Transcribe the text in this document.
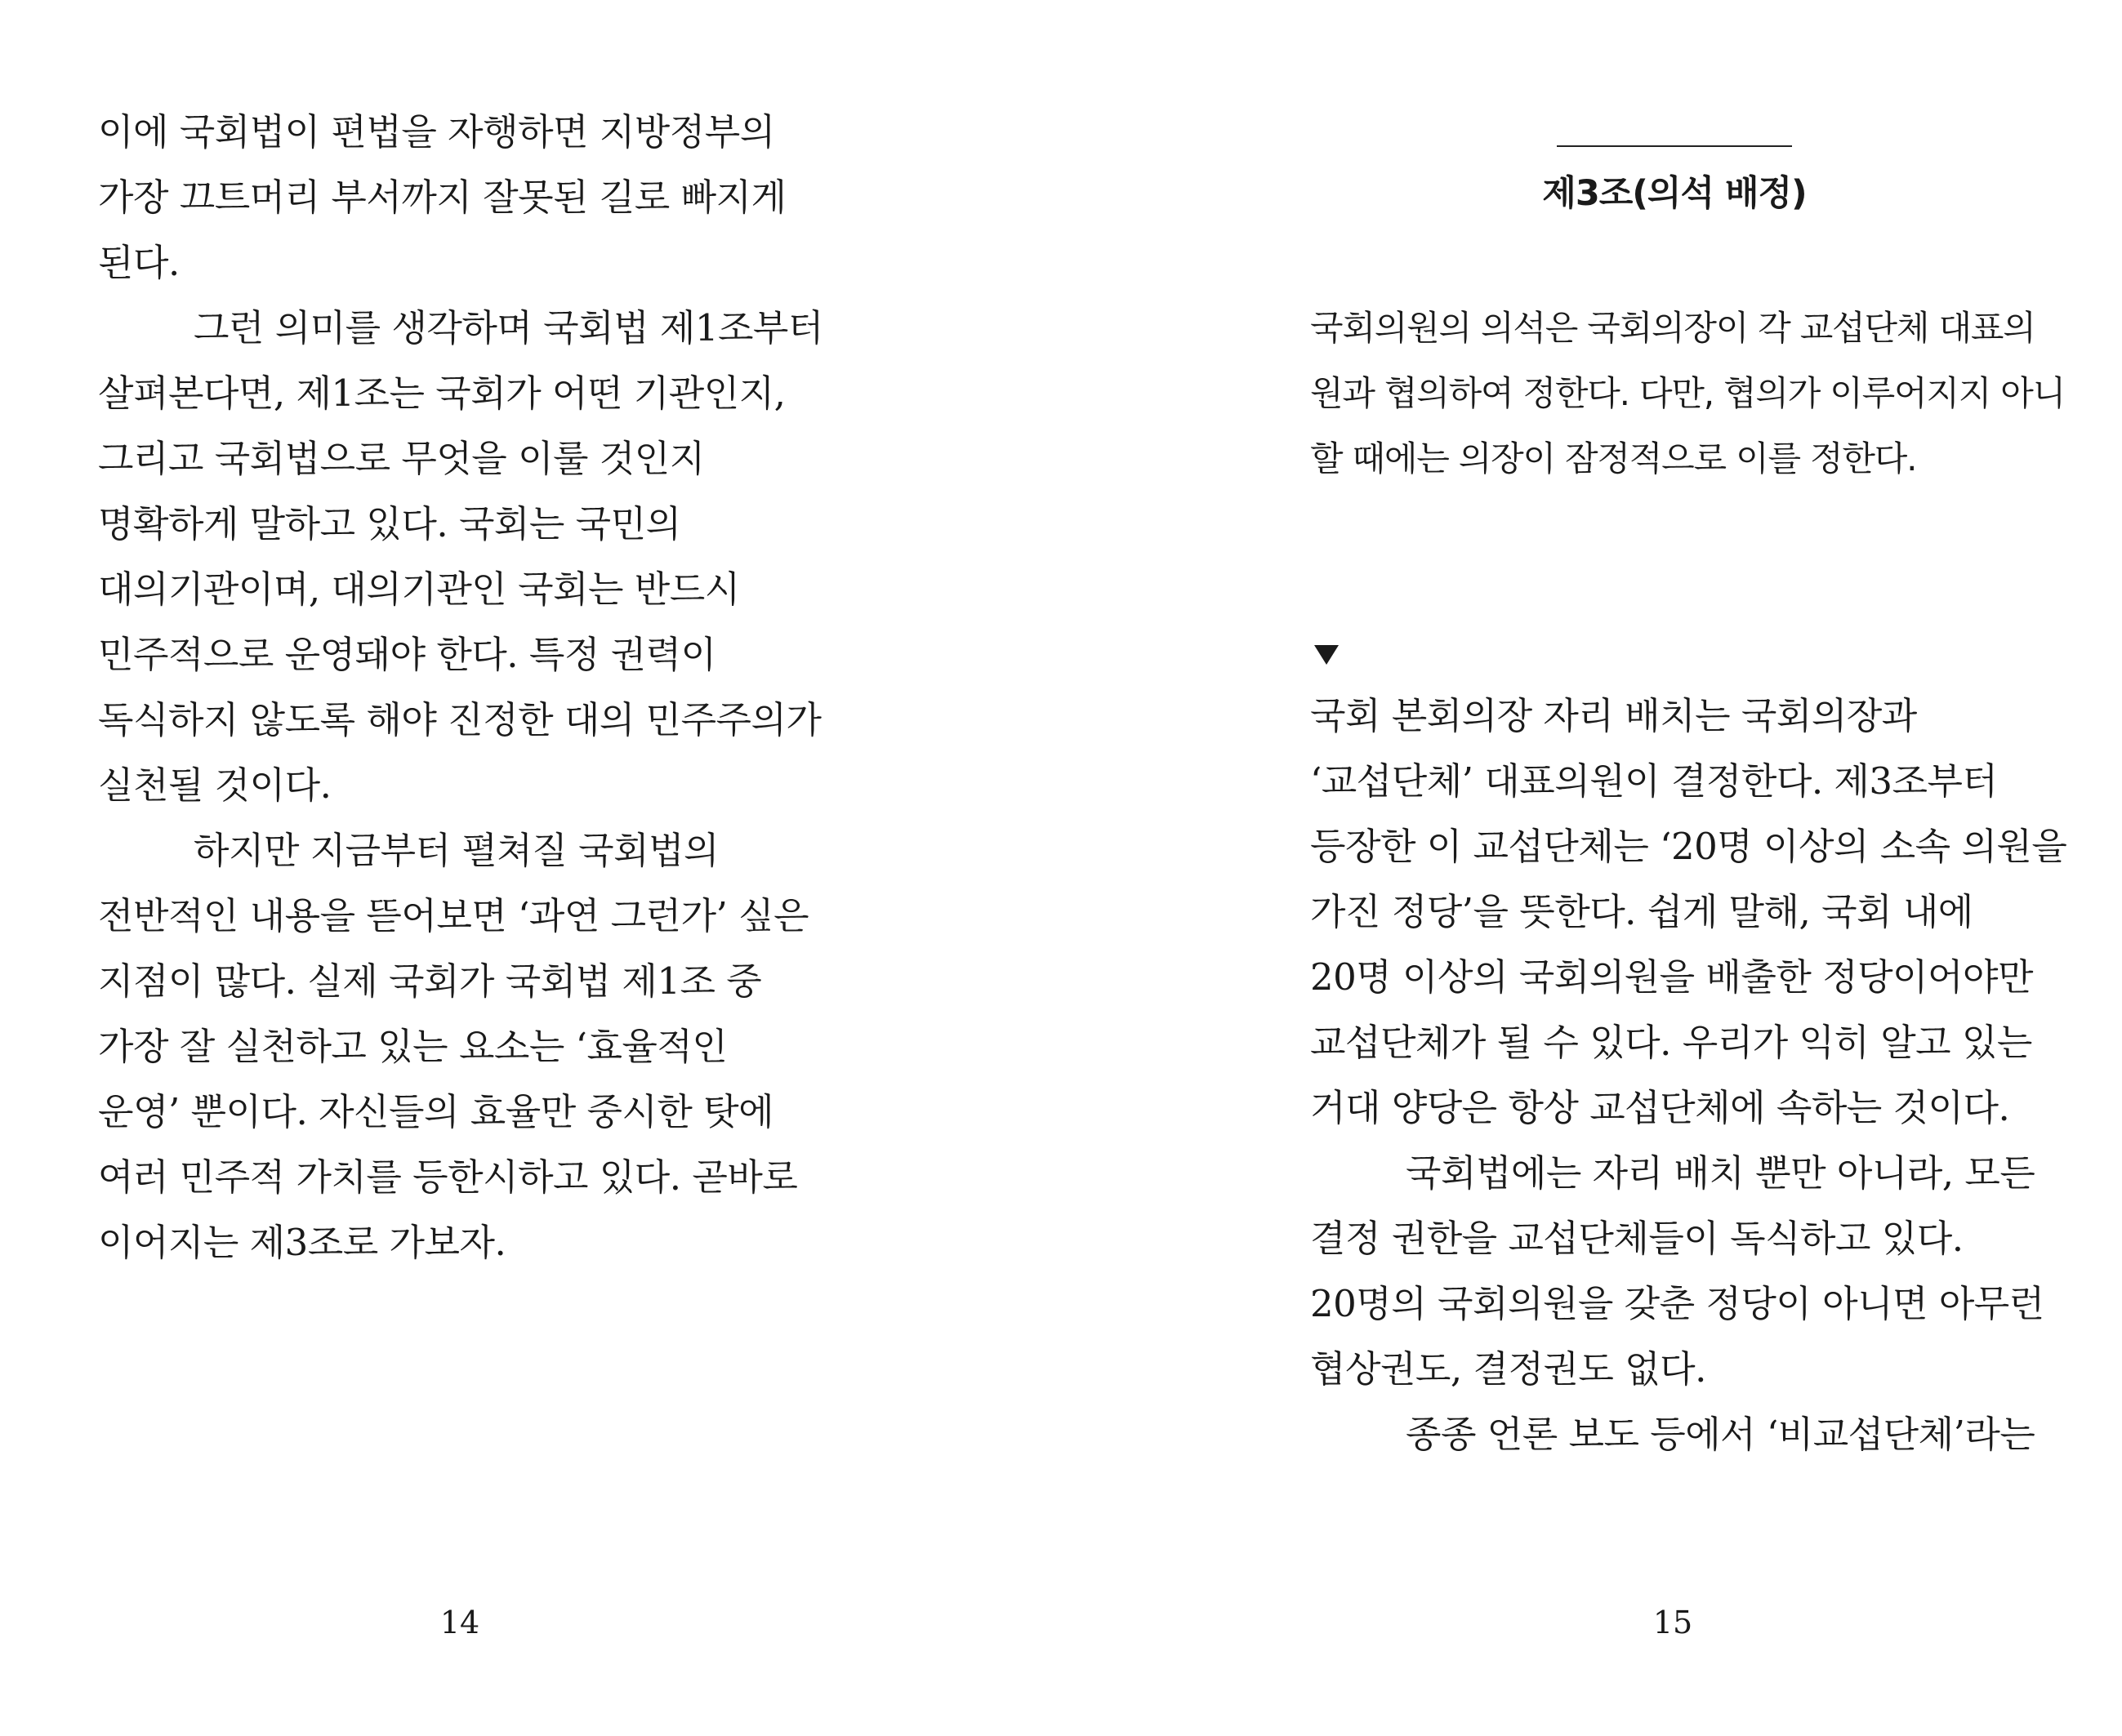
이에 국회법이 편법을 자행하면 지방정부의
가장 끄트머리 부서까지 잘못된 길로 빠지게
된다.
그런 의미를 생각하며 국회법 제1조부터
살펴본다면, 제1조는 국회가 어떤 기관인지,
그리고 국회법으로 무엇을 이룰 것인지
명확하게 말하고 있다. 국회는 국민의
대의기관이며, 대의기관인 국회는 반드시
민주적으로 운영돼야 한다. 특정 권력이
독식하지 않도록 해야 진정한 대의 민주주의가
실천될 것이다.
하지만 지금부터 펼쳐질 국회법의
전반적인 내용을 뜯어보면 ‘과연 그런가’ 싶은
지점이 많다. 실제 국회가 국회법 제1조 중
가장 잘 실천하고 있는 요소는 ‘효율적인
운영’ 뿐이다. 자신들의 효율만 중시한 탓에
여러 민주적 가치를 등한시하고 있다. 곧바로
이어지는 제3조로 가보자.
14
제3조(의석 배정)
국회의원의 의석은 국회의장이 각 교섭단체 대표의
원과 협의하여 정한다. 다만, 협의가 이루어지지 아니
할 때에는 의장이 잠정적으로 이를 정한다.
국회 본회의장 자리 배치는 국회의장과
‘교섭단체’ 대표의원이 결정한다. 제3조부터
등장한 이 교섭단체는 ‘20명 이상의 소속 의원을
가진 정당’을 뜻한다. 쉽게 말해, 국회 내에
20명 이상의 국회의원을 배출한 정당이어야만
교섭단체가 될 수 있다. 우리가 익히 알고 있는
거대 양당은 항상 교섭단체에 속하는 것이다.
국회법에는 자리 배치 뿐만 아니라, 모든
결정 권한을 교섭단체들이 독식하고 있다.
20명의 국회의원을 갖춘 정당이 아니면 아무런
협상권도, 결정권도 없다.
종종 언론 보도 등에서 ‘비교섭단체’라는
15
